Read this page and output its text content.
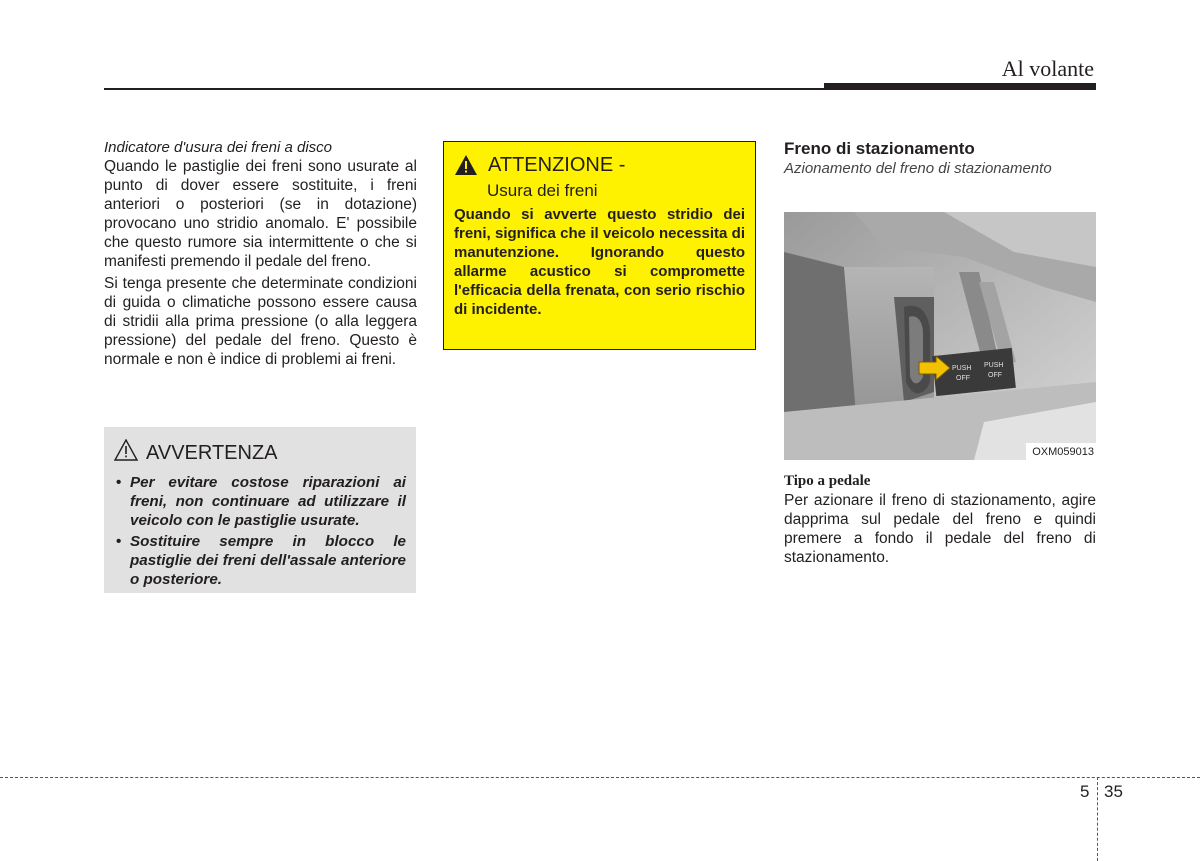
Al volante
Indicatore d'usura dei freni a disco

Quando le pastiglie dei freni sono usurate al punto di dover essere sostituite, i freni anteriori o posteriori (se in dotazione) provocano uno stridio anomalo. E' possibile che questo rumore sia intermittente o che si manifesti premendo il pedale del freno.

Si tenga presente che determinate condizioni di guida o climatiche possono essere causa di stridii alla prima pressione (o alla leggera pressione) del pedale del freno. Questo è normale e non è indice di problemi ai freni.

AVVERTENZA
• Per evitare costose riparazioni ai freni, non continuare ad utilizzare il veicolo con le pastiglie usurate.
• Sostituire sempre in blocco le pastiglie dei freni dell'assale anteriore o posteriore.
ATTENZIONE -
Usura dei freni
Quando si avverte questo stridio dei freni, significa che il veicolo necessita di manutenzione. Ignorando questo allarme acustico si compromette l'efficacia della frenata, con serio rischio di incidente.
Freno di stazionamento
Azionamento del freno di stazionamento
PUSH
OFF
PUSH
OFF
OXM059013
Tipo a pedale

Per azionare il freno di stazionamento, agire dapprima sul pedale del freno e quindi premere a fondo il pedale del freno di stazionamento.

5 35
